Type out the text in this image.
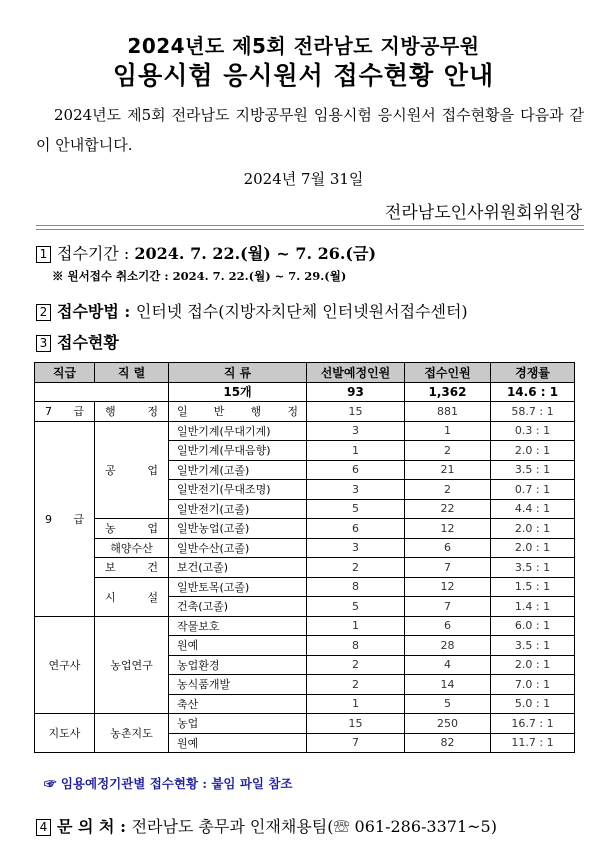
2024년도 제5회 전라남도 지방공무원
임용시험 응시원서 접수현황 안내
2024년도 제5회 전라남도 지방공무원 임용시험 응시원서 접수현황을 다음과 같이 안내합니다.
2024년 7월 31일
전라남도인사위원회위원장
1 접수기간 : 2024. 7. 22.(월) ~ 7. 26.(금)
※ 원서접수 취소기간 : 2024. 7. 22.(월) ~ 7. 29.(월)
2 접수방법 : 인터넷 접수(지방자치단체 인터넷원서접수센터)
3 접수현황
직급	직 렬	직 류	선발예정인원	접수인원	경쟁률
		15개	93	1,362	14.6 : 1
7 급	행 정	일 반 행 정	15	881	58.7 : 1
9 급	공 업	일반기계(무대기계)	3	1	0.3 : 1
		일반기계(무대음향)	1	2	2.0 : 1
		일반기계(고졸)	6	21	3.5 : 1
		일반전기(무대조명)	3	2	0.7 : 1
		일반전기(고졸)	5	22	4.4 : 1
	농 업	일반농업(고졸)	6	12	2.0 : 1
	해양수산	일반수산(고졸)	3	6	2.0 : 1
	보 건	보건(고졸)	2	7	3.5 : 1
	시 설	일반토목(고졸)	8	12	1.5 : 1
		건축(고졸)	5	7	1.4 : 1
연구사	농업연구	작물보호	1	6	6.0 : 1
		원예	8	28	3.5 : 1
		농업환경	2	4	2.0 : 1
		농식품개발	2	14	7.0 : 1
		축산	1	5	5.0 : 1
지도사	농촌지도	농업	15	250	16.7 : 1
		원예	7	82	11.7 : 1
☞ 임용예정기관별 접수현황 : 붙임 파일 참조
4 문 의 처 : 전라남도 총무과 인재채용팀(☏ 061-286-3371~5)
